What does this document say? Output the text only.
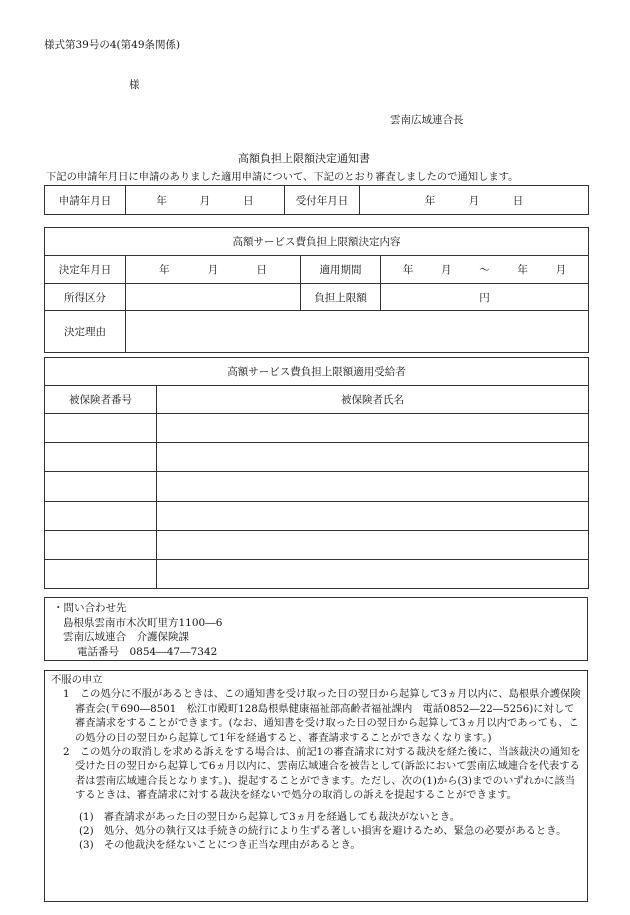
様式第39号の4(第49条関係)
様
雲南広域連合長
高額負担上限額決定通知書
下記の申請年月日に申請のありました適用申請について、下記のとおり審査しましたので通知します。
申請年月日	年	月	日	受付年月日	年	月	日
高額サービス費負担上限額決定内容			
決定年月日	年 月 日	適用期間	年 月 ～ 年 月

所得区分		負担上限額	円
決定理由			
高額サービス費負担上限額適用受給者	
被保険者番号	被保険者氏名

・問い合わせ先
島根県雲南市木次町里方1100―6
雲南広域連合　介護保険課
電話番号　0854―47―7342
不服の申立
1　この処分に不服があるときは、この通知書を受け取った日の翌日から起算して3ヵ月以内に、島根県介護保険審査会(〒690―8501　松江市殿町128島根県健康福祉部高齢者福祉課内　電話0852―22―5256)に対して審査請求をすることができます。(なお、通知書を受け取った日の翌日から起算して3ヵ月以内であっても、この処分の日の翌日から起算して1年を経過すると、審査請求することができなくなります。)
2　この処分の取消しを求める訴えをする場合は、前記1の審査請求に対する裁決を経た後に、当該裁決の通知を受けた日の翌日から起算して6ヵ月以内に、雲南広域連合を被告として(訴訟において雲南広域連合を代表する者は雲南広域連合長となります。)、提起することができます。ただし、次の(1)から(3)までのいずれかに該当するときは、審査請求に対する裁決を経ないで処分の取消しの訴えを提起することができます。
(1)　審査請求があった日の翌日から起算して3ヵ月を経過しても裁決がないとき。
(2)　処分、処分の執行又は手続きの続行により生ずる著しい損害を避けるため、緊急の必要があるとき。
(3)　その他裁決を経ないことにつき正当な理由があるとき。
